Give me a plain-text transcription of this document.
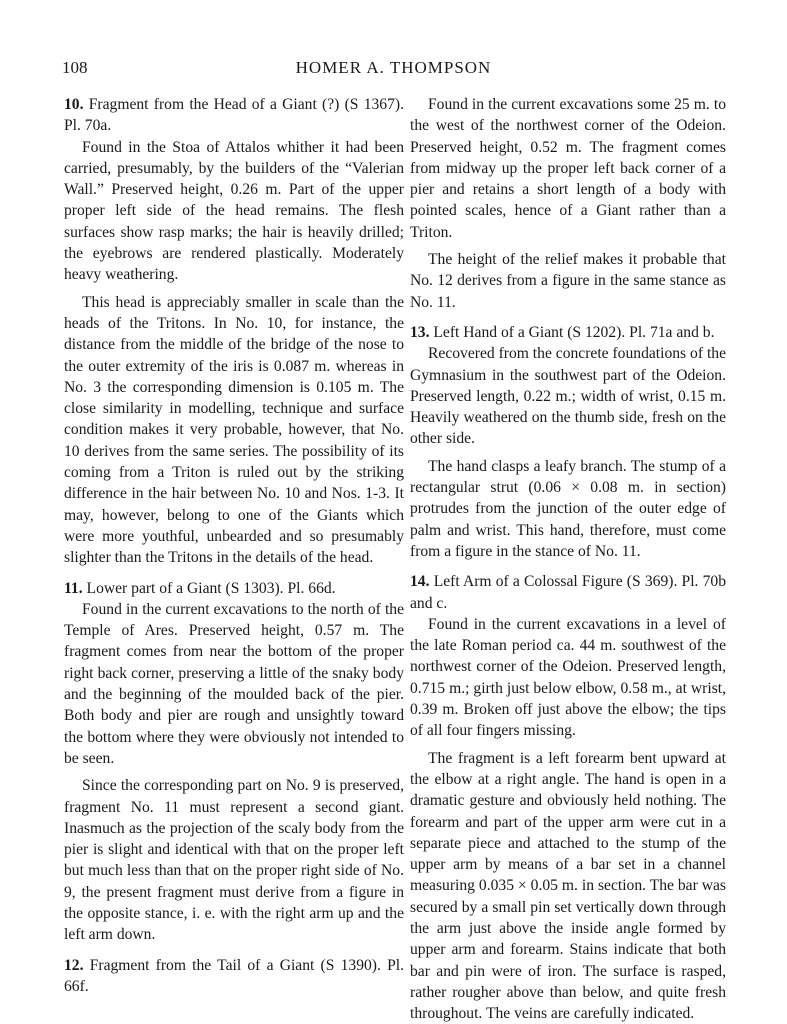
108	HOMER A. THOMPSON

10. Fragment from the Head of a Giant (?) (S 1367). Pl. 70a.

Found in the Stoa of Attalos whither it had been carried, presumably, by the builders of the “Valerian Wall.” Preserved height, 0.26 m. Part of the upper proper left side of the head remains. The flesh surfaces show rasp marks; the hair is heavily drilled; the eyebrows are rendered plastically. Moderately heavy weathering.

This head is appreciably smaller in scale than the heads of the Tritons. In No. 10, for instance, the distance from the middle of the bridge of the nose to the outer extremity of the iris is 0.087 m. whereas in No. 3 the corresponding dimension is 0.105 m. The close similarity in modelling, technique and surface condition makes it very probable, however, that No. 10 derives from the same series. The possibility of its coming from a Triton is ruled out by the striking difference in the hair between No. 10 and Nos. 1-3. It may, however, belong to one of the Giants which were more youthful, unbearded and so presumably slighter than the Tritons in the details of the head.

11. Lower part of a Giant (S 1303). Pl. 66d.

Found in the current excavations to the north of the Temple of Ares. Preserved height, 0.57 m. The fragment comes from near the bottom of the proper right back corner, preserving a little of the snaky body and the beginning of the moulded back of the pier. Both body and pier are rough and unsightly toward the bottom where they were obviously not intended to be seen.

Since the corresponding part on No. 9 is preserved, fragment No. 11 must represent a second giant. Inasmuch as the projection of the scaly body from the pier is slight and identical with that on the proper left but much less than that on the proper right side of No. 9, the present fragment must derive from a figure in the opposite stance, i. e. with the right arm up and the left arm down.

12. Fragment from the Tail of a Giant (S 1390). Pl. 66f.

Found in the current excavations some 25 m. to the west of the northwest corner of the Odeion. Preserved height, 0.52 m. The fragment comes from midway up the proper left back corner of a pier and retains a short length of a body with pointed scales, hence of a Giant rather than a Triton.

The height of the relief makes it probable that No. 12 derives from a figure in the same stance as No. 11.

13. Left Hand of a Giant (S 1202). Pl. 71a and b.

Recovered from the concrete foundations of the Gymnasium in the southwest part of the Odeion. Preserved length, 0.22 m.; width of wrist, 0.15 m. Heavily weathered on the thumb side, fresh on the other side.

The hand clasps a leafy branch. The stump of a rectangular strut (0.06 × 0.08 m. in section) protrudes from the junction of the outer edge of palm and wrist. This hand, therefore, must come from a figure in the stance of No. 11.

14. Left Arm of a Colossal Figure (S 369). Pl. 70b and c.

Found in the current excavations in a level of the late Roman period ca. 44 m. southwest of the northwest corner of the Odeion. Preserved length, 0.715 m.; girth just below elbow, 0.58 m., at wrist, 0.39 m. Broken off just above the elbow; the tips of all four fingers missing.

The fragment is a left forearm bent upward at the elbow at a right angle. The hand is open in a dramatic gesture and obviously held nothing. The forearm and part of the upper arm were cut in a separate piece and attached to the stump of the upper arm by means of a bar set in a channel measuring 0.035 × 0.05 m. in section. The bar was secured by a small pin set vertically down through the arm just above the inside angle formed by upper arm and forearm. Stains indicate that both bar and pin were of iron. The surface is rasped, rather rougher above than below, and quite fresh throughout. The veins are carefully indicated.
